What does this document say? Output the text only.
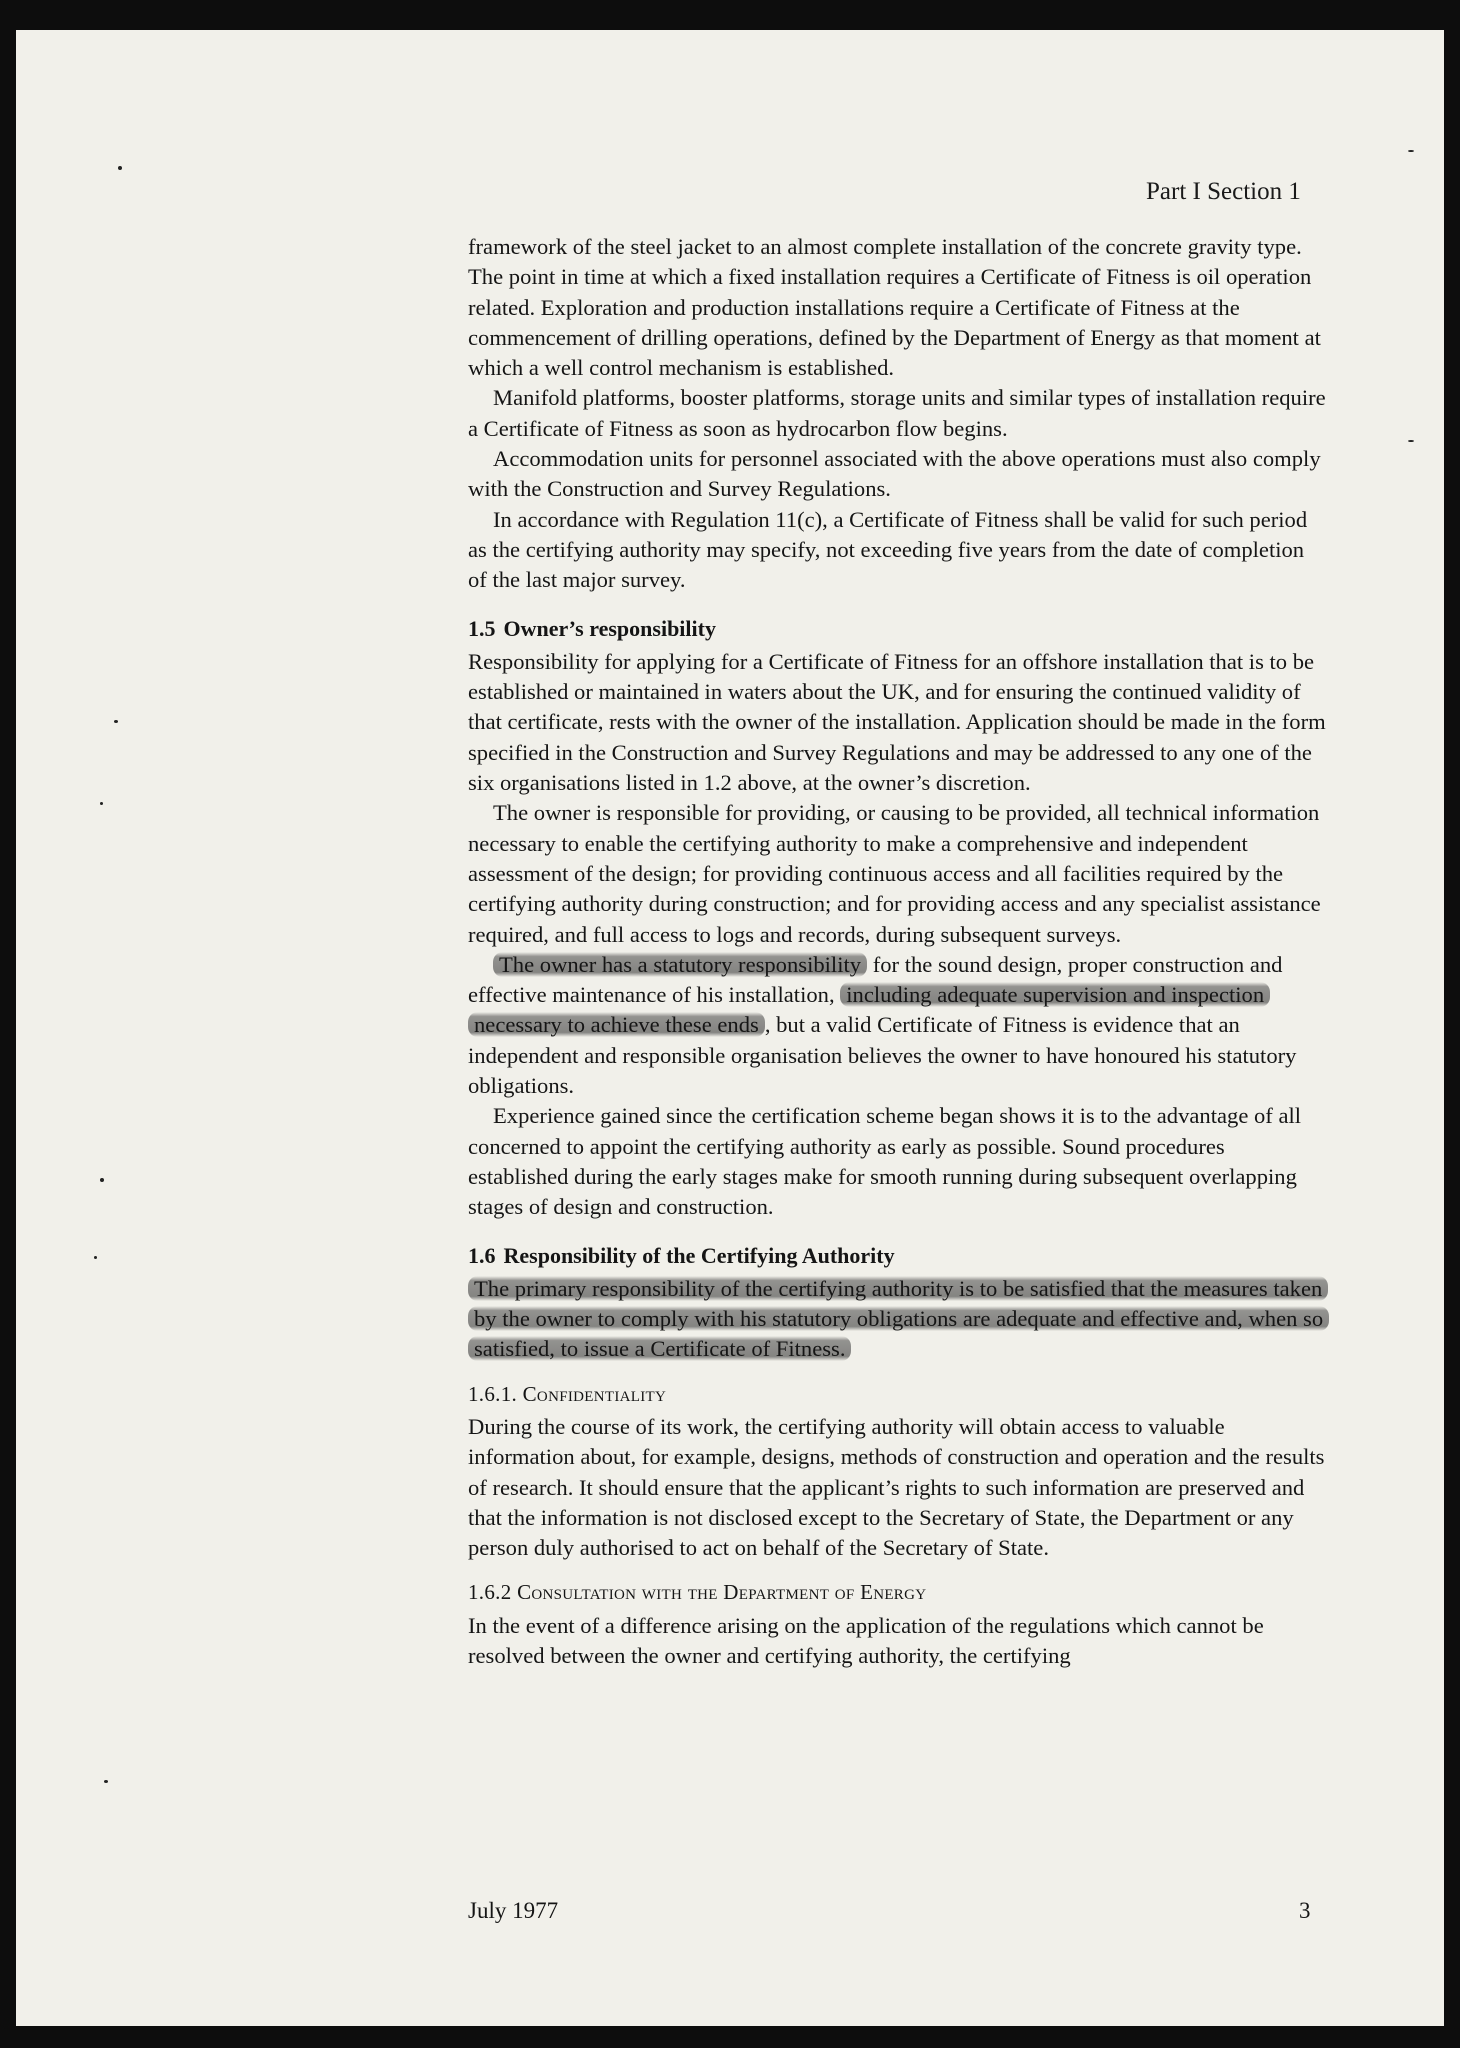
Part I Section 1

framework of the steel jacket to an almost complete installation of the concrete gravity type. The point in time at which a fixed installation requires a Certificate of Fitness is oil operation related. Exploration and production installations require a Certificate of Fitness at the commencement of drilling operations, defined by the Department of Energy as that moment at which a well control mechanism is established.

Manifold platforms, booster platforms, storage units and similar types of installation require a Certificate of Fitness as soon as hydrocarbon flow begins.

Accommodation units for personnel associated with the above operations must also comply with the Construction and Survey Regulations.

In accordance with Regulation 11(c), a Certificate of Fitness shall be valid for such period as the certifying authority may specify, not exceeding five years from the date of completion of the last major survey.

1.5 Owner’s responsibility

Responsibility for applying for a Certificate of Fitness for an offshore installation that is to be established or maintained in waters about the UK, and for ensuring the continued validity of that certificate, rests with the owner of the installation. Application should be made in the form specified in the Construction and Survey Regulations and may be addressed to any one of the six organisations listed in 1.2 above, at the owner’s discretion.

The owner is responsible for providing, or causing to be provided, all technical information necessary to enable the certifying authority to make a comprehensive and independent assessment of the design; for providing continuous access and all facilities required by the certifying authority during construction; and for providing access and any specialist assistance required, and full access to logs and records, during subsequent surveys.

The owner has a statutory responsibility for the sound design, proper construction and effective maintenance of his installation, including adequate supervision and inspection necessary to achieve these ends , but a valid Certificate of Fitness is evidence that an independent and responsible organisation believes the owner to have honoured his statutory obligations.

Experience gained since the certification scheme began shows it is to the advantage of all concerned to appoint the certifying authority as early as possible. Sound procedures established during the early stages make for smooth running during subsequent overlapping stages of design and construction.

1.6 Responsibility of the Certifying Authority

The primary responsibility of the certifying authority is to be satisfied that the measures taken by the owner to comply with his statutory obligations are adequate and effective and, when so satisfied, to issue a Certificate of Fitness.

1.6.1. Confidentiality

During the course of its work, the certifying authority will obtain access to valuable information about, for example, designs, methods of construction and operation and the results of research. It should ensure that the applicant’s rights to such information are preserved and that the information is not disclosed except to the Secretary of State, the Department or any person duly authorised to act on behalf of the Secretary of State.

1.6.2 Consultation with the Department of Energy

In the event of a difference arising on the application of the regulations which cannot be resolved between the owner and certifying authority, the certifying

July 1977	3
